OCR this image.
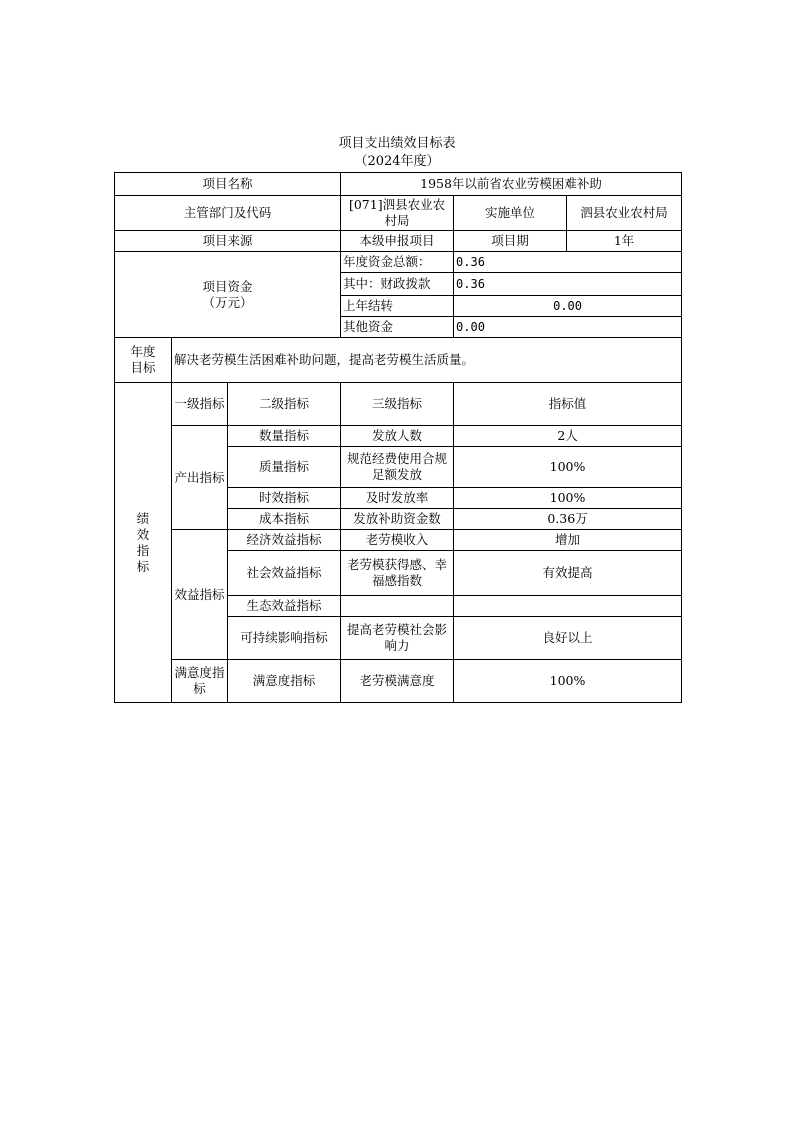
项目支出绩效目标表
（2024年度）
项目名称			1958年以前省农业劳模困难补助		
主管部门及代码			[071]泗县农业农村局	实施单位	泗县农业农村局
项目来源			本级申报项目	项目期	1年

项目资金
（万元）			年度资金总额：	0.36	
			其中：财政拨款	0.36	
			上年结转	0.00	
			其他资金	0.00	

年度
目标	解决老劳模生活困难补助问题，提高老劳模生活质量。				

绩
效
指
标	一级指标	二级指标	三级指标	指标值	
	产出指标	数量指标	发放人数	2人	
		质量指标	规范经费使用合规足额发放	100%	
		时效指标	及时发放率	100%	
		成本指标	发放补助资金数	0.36万	
	效益指标	经济效益指标	老劳模收入	增加	
		社会效益指标	老劳模获得感、幸福感指数	有效提高	
		生态效益指标			
		可持续影响指标	提高老劳模社会影响力	良好以上	
	满意度指标	满意度指标	老劳模满意度	100%	
